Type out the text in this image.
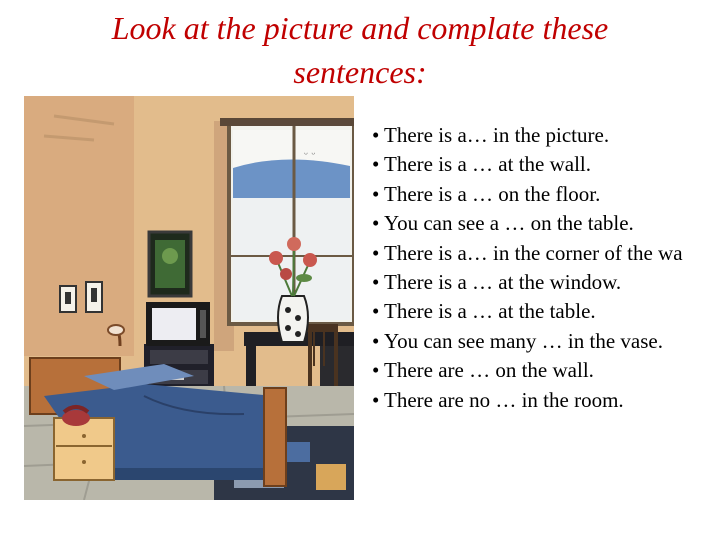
Look at the picture and complate these
sentences:
ᵕ ᵕ
• There is a… in the picture.
• There is a … at the wall.
• There is a … on the floor.
• You can see a … on the table.
• There is a… in the corner of the wa
• There is a … at the window.
• There is a … at the table.
• You can see many … in the vase.
• There are … on the wall.
• There are no … in the room.
